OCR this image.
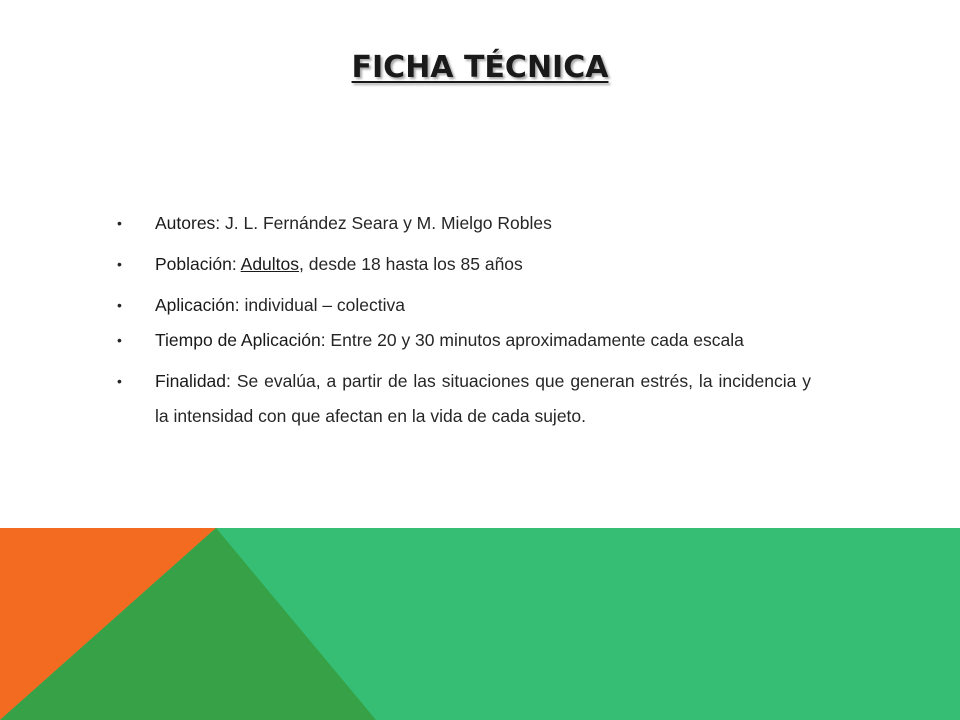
FICHA TÉCNICA
• Autores: J. L. Fernández Seara y M. Mielgo Robles
• Población: Adultos, desde 18 hasta los 85 años
• Aplicación: individual – colectiva
• Tiempo de Aplicación: Entre 20 y 30 minutos aproximadamente cada escala
• Finalidad: Se evalúa, a partir de las situaciones que generan estrés, la incidencia y la intensidad con que afectan en la vida de cada sujeto.
